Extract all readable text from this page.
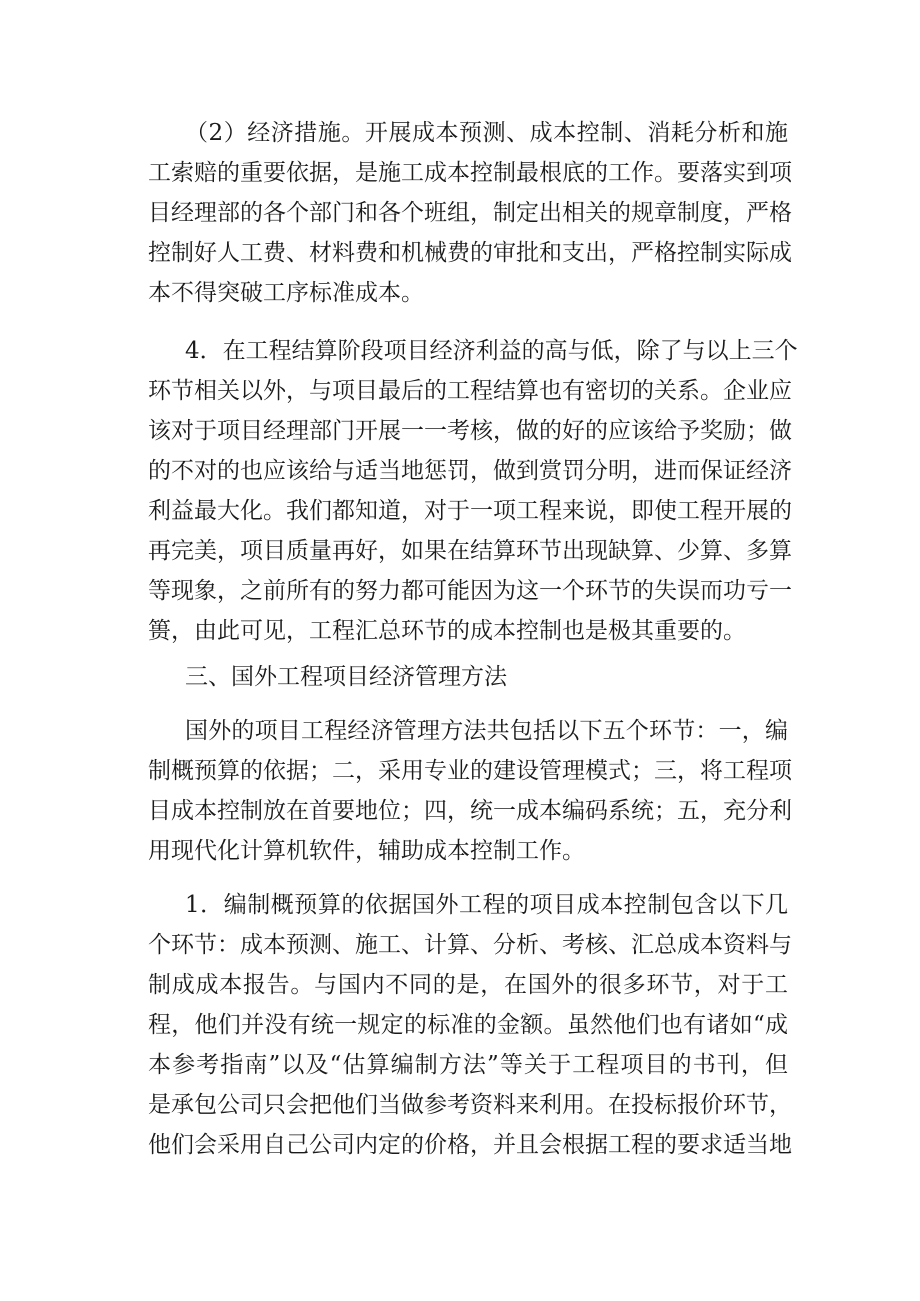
（2）经济措施。开展成本预测、成本控制、消耗分析和施
工索赔的重要依据，是施工成本控制最根底的工作。要落实到项
目经理部的各个部门和各个班组，制定出相关的规章制度，严格
控制好人工费、材料费和机械费的审批和支出，严格控制实际成
本不得突破工序标准成本。
4．在工程结算阶段项目经济利益的高与低，除了与以上三个
环节相关以外，与项目最后的工程结算也有密切的关系。企业应
该对于项目经理部门开展一一考核，做的好的应该给予奖励；做
的不对的也应该给与适当地惩罚，做到赏罚分明，进而保证经济
利益最大化。我们都知道，对于一项工程来说，即使工程开展的
再完美，项目质量再好，如果在结算环节出现缺算、少算、多算
等现象，之前所有的努力都可能因为这一个环节的失误而功亏一
篑，由此可见，工程汇总环节的成本控制也是极其重要的。
三、国外工程项目经济管理方法
国外的项目工程经济管理方法共包括以下五个环节：一，编
制概预算的依据；二，采用专业的建设管理模式；三，将工程项
目成本控制放在首要地位；四，统一成本编码系统；五，充分利
用现代化计算机软件，辅助成本控制工作。
1．编制概预算的依据国外工程的项目成本控制包含以下几
个环节：成本预测、施工、计算、分析、考核、汇总成本资料与
制成成本报告。与国内不同的是，在国外的很多环节，对于工
程，他们并没有统一规定的标准的金额。虽然他们也有诸如“成
本参考指南”以及“估算编制方法”等关于工程项目的书刊，但
是承包公司只会把他们当做参考资料来利用。在投标报价环节，
他们会采用自己公司内定的价格，并且会根据工程的要求适当地
